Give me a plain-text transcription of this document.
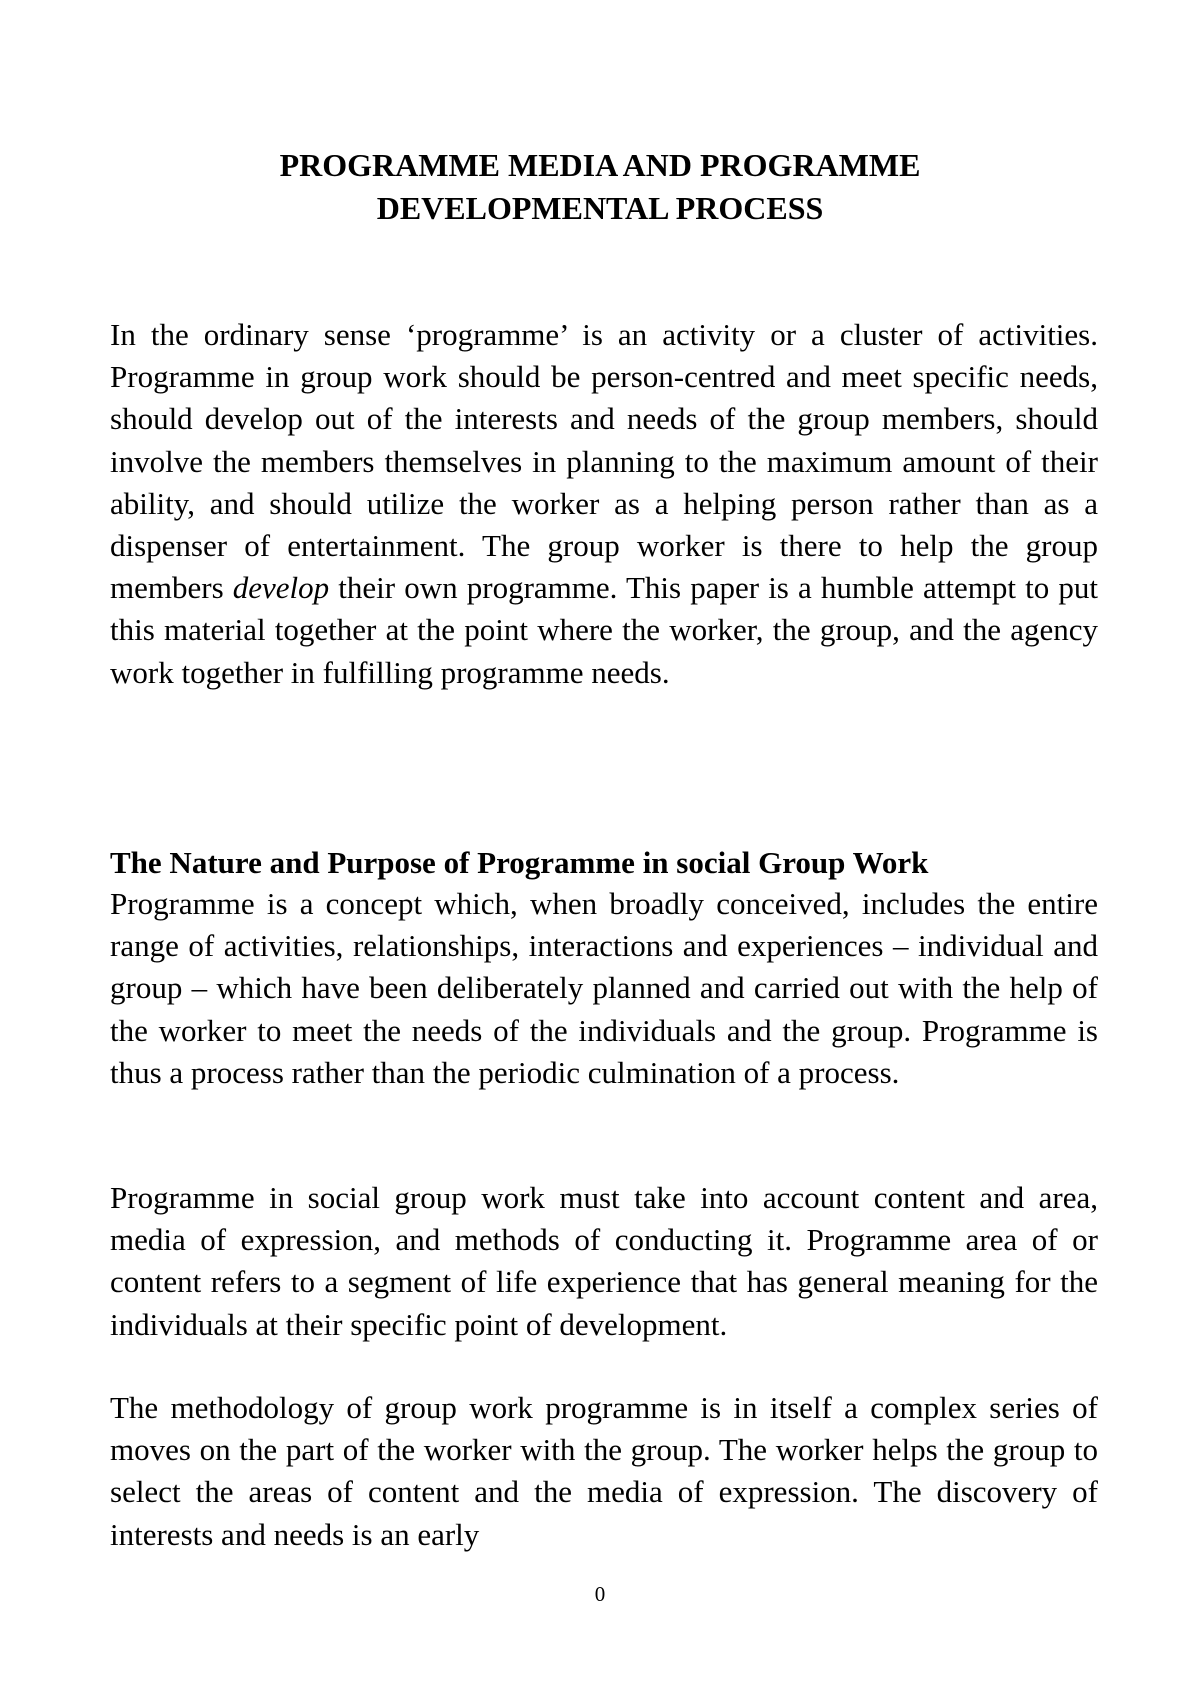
PROGRAMME MEDIA AND PROGRAMME
DEVELOPMENTAL PROCESS

In the ordinary sense ‘programme’ is an activity or a cluster of activities. Programme in group work should be person-centred and meet specific needs, should develop out of the interests and needs of the group members, should involve the members themselves in planning to the maximum amount of their ability, and should utilize the worker as a helping person rather than as a dispenser of entertainment. The group worker is there to help the group members develop their own programme. This paper is a humble attempt to put this material together at the point where the worker, the group, and the agency work together in fulfilling programme needs.

The Nature and Purpose of Programme in social Group Work

Programme is a concept which, when broadly conceived, includes the entire range of activities, relationships, interactions and experiences – individual and group – which have been deliberately planned and carried out with the help of the worker to meet the needs of the individuals and the group. Programme is thus a process rather than the periodic culmination of a process.

Programme in social group work must take into account content and area, media of expression, and methods of conducting it. Programme area of or content refers to a segment of life experience that has general meaning for the individuals at their specific point of development.

The methodology of group work programme is in itself a complex series of moves on the part of the worker with the group. The worker helps the group to select the areas of content and the media of expression. The discovery of interests and needs is an early

0
